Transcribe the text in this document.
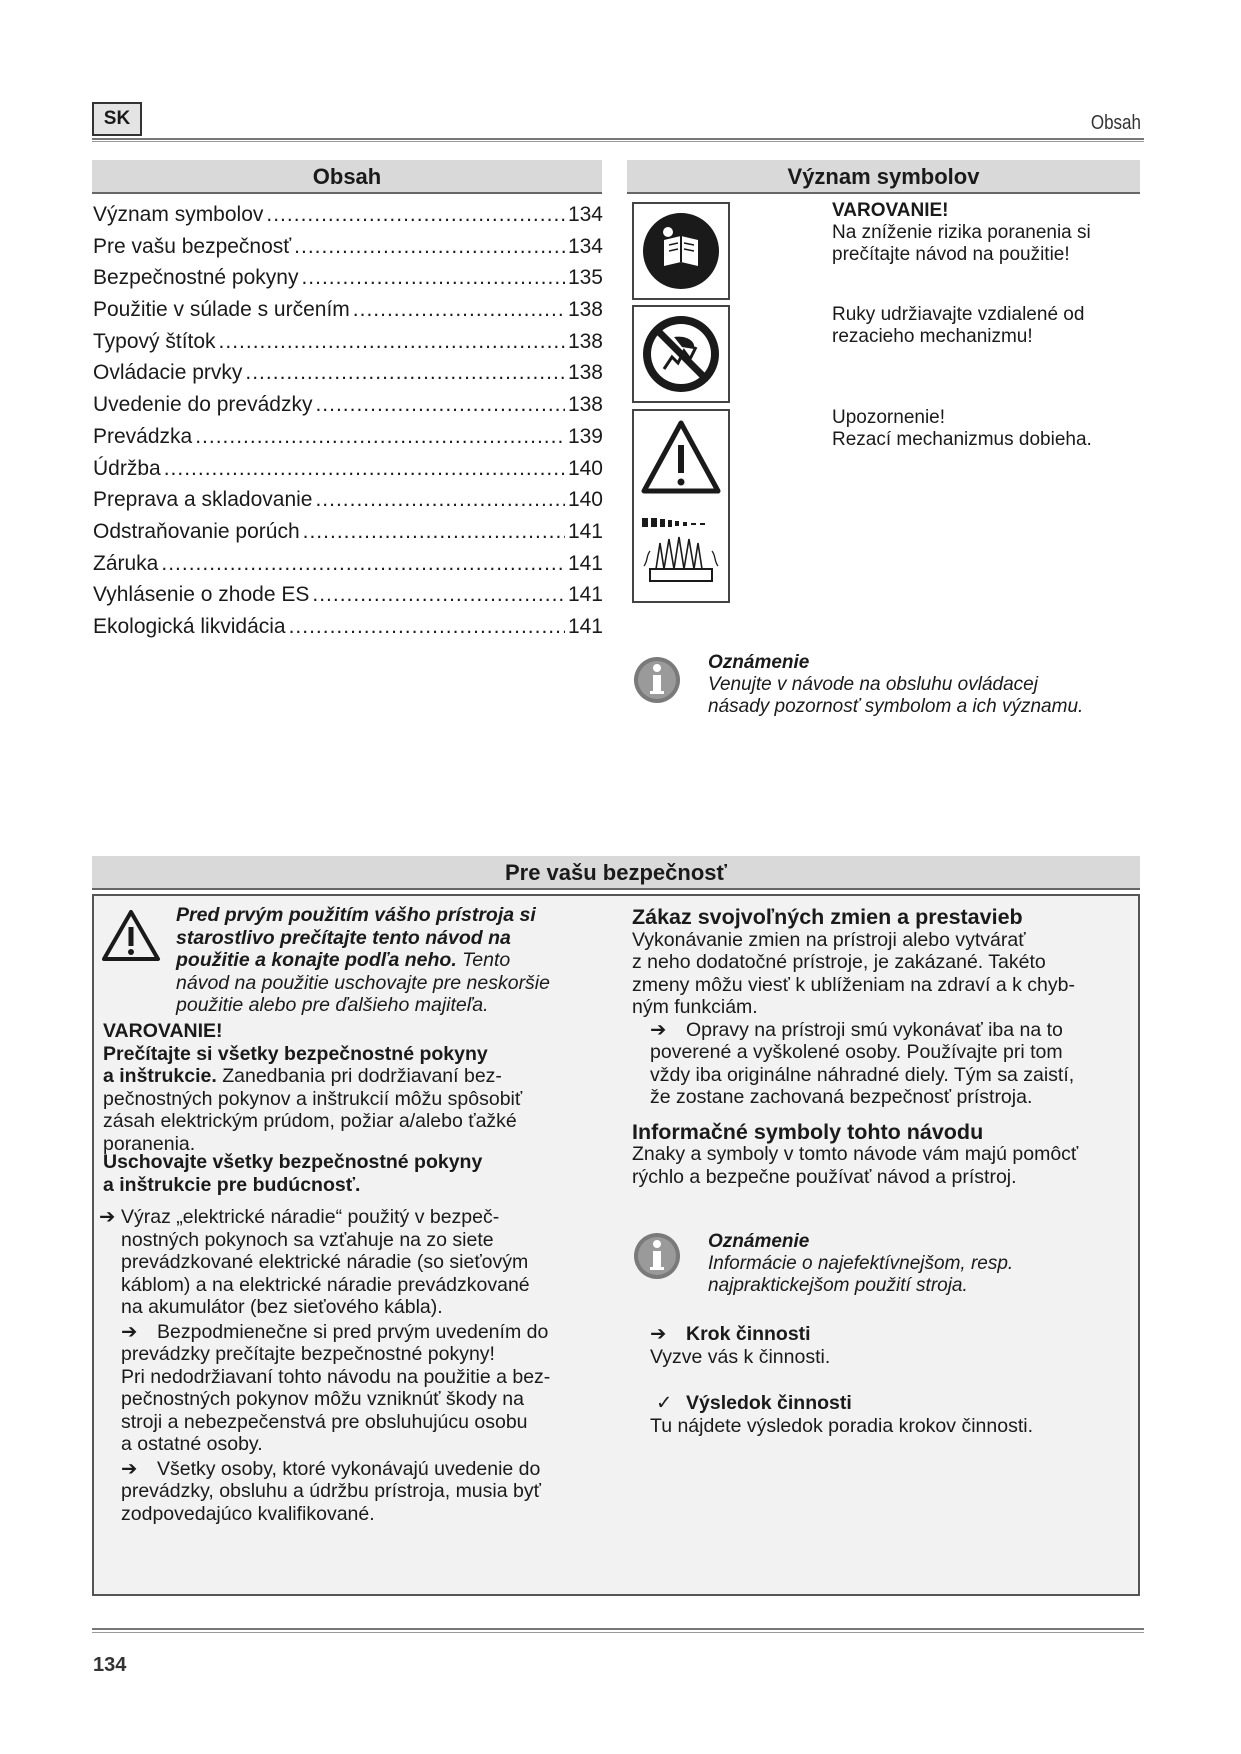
SK	Obsah
Obsah
Význam symbolov .....	134
Pre vašu bezpečnosť .....	134
Bezpečnostné pokyny .....	135
Použitie v súlade s určením .....	138
Typový štítok .....	138
Ovládacie prvky .....	138
Uvedenie do prevádzky .....	138
Prevádzka .....	139
Údržba .....	140
Preprava a skladovanie .....	140
Odstraňovanie porúch .....	141
Záruka .....	141
Vyhlásenie o zhode ES .....	141
Ekologická likvidácia .....	141
Význam symbolov
VAROVANIE!
Na zníženie rizika poranenia si
prečítajte návod na použitie!
Ruky udržiavajte vzdialené od
rezacieho mechanizmu!
Upozornenie!
Rezací mechanizmus dobieha.
Oznámenie
Venujte v návode na obsluhu ovládacej
násady pozornosť symbolom a ich významu.
Pre vašu bezpečnosť
Pred prvým použitím vášho prístroja si
starostlivo prečítajte tento návod na
použitie a konajte podľa neho. Tento
návod na použitie uschovajte pre neskoršie
použitie alebo pre ďalšieho majiteľa.
VAROVANIE!
Prečítajte si všetky bezpečnostné pokyny
a inštrukcie. Zanedbania pri dodržiavaní bez-
pečnostných pokynov a inštrukcií môžu spôsobiť
zásah elektrickým prúdom, požiar a/alebo ťažké
poranenia.
Uschovajte všetky bezpečnostné pokyny
a inštrukcie pre budúcnosť.
➔ Výraz „elektrické náradie“ použitý v bezpeč-
nostných pokynoch sa vzťahuje na zo siete
prevádzkované elektrické náradie (so sieťovým
káblom) a na elektrické náradie prevádzkované
na akumulátor (bez sieťového kábla).
➔ Bezpodmienečne si pred prvým uvedením do
prevádzky prečítajte bezpečnostné pokyny!
Pri nedodržiavaní tohto návodu na použitie a bez-
pečnostných pokynov môžu vzniknúť škody na
stroji a nebezpečenstvá pre obsluhujúcu osobu
a ostatné osoby.
➔ Všetky osoby, ktoré vykonávajú uvedenie do
prevádzky, obsluhu a údržbu prístroja, musia byť
zodpovedajúco kvalifikované.
Zákaz svojvoľných zmien a prestavieb
Vykonávanie zmien na prístroji alebo vytvárať
z neho dodatočné prístroje, je zakázané. Takéto
zmeny môžu viesť k ublíženiam na zdraví a k chyb-
ným funkciám.
➔ Opravy na prístroji smú vykonávať iba na to
poverené a vyškolené osoby. Používajte pri tom
vždy iba originálne náhradné diely. Tým sa zaistí,
že zostane zachovaná bezpečnosť prístroja.
Informačné symboly tohto návodu
Znaky a symboly v tomto návode vám majú pomôcť
rýchlo a bezpečne používať návod a prístroj.
Oznámenie
Informácie o najefektívnejšom, resp.
najpraktickejšom použití stroja.
➔ Krok činnosti
Vyzve vás k činnosti.
✓ Výsledok činnosti
Tu nájdete výsledok poradia krokov činnosti.
134
